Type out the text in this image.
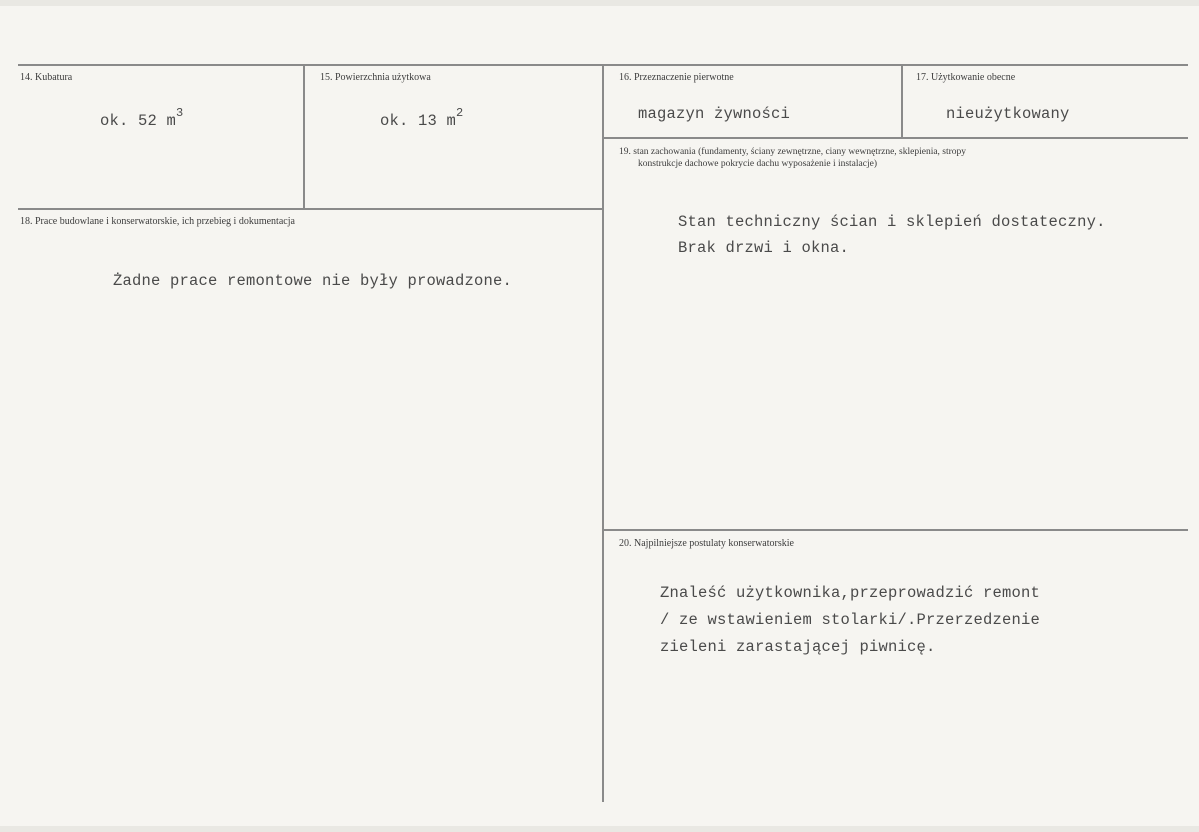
14. Kubatura
ok. 52 $m^3$
15. Powierzchnia użytkowa
ok. 13 $m^2$
16. Przeznaczenie pierwotne
magazyn żywności
17. Użytkowanie obecne
nieużytkowany
18. Prace budowlane i konserwatorskie, ich przebieg i dokumentacja
Żadne prace remontowe nie były prowadzone.
19. stan zachowania (fundamenty, ściany zewnętrzne, ciany wewnętrzne, sklepienia, stropy
konstrukcje dachowe pokrycie dachu wyposażenie i instalacje)
Stan techniczny ścian i sklepień dostateczny.
Brak drzwi i okna.
20. Najpilniejsze postulaty konserwatorskie
Znaleść użytkownika,przeprowadzić remont
/ ze wstawieniem stolarki/.Przerzedzenie
zieleni zarastającej piwnicę.
